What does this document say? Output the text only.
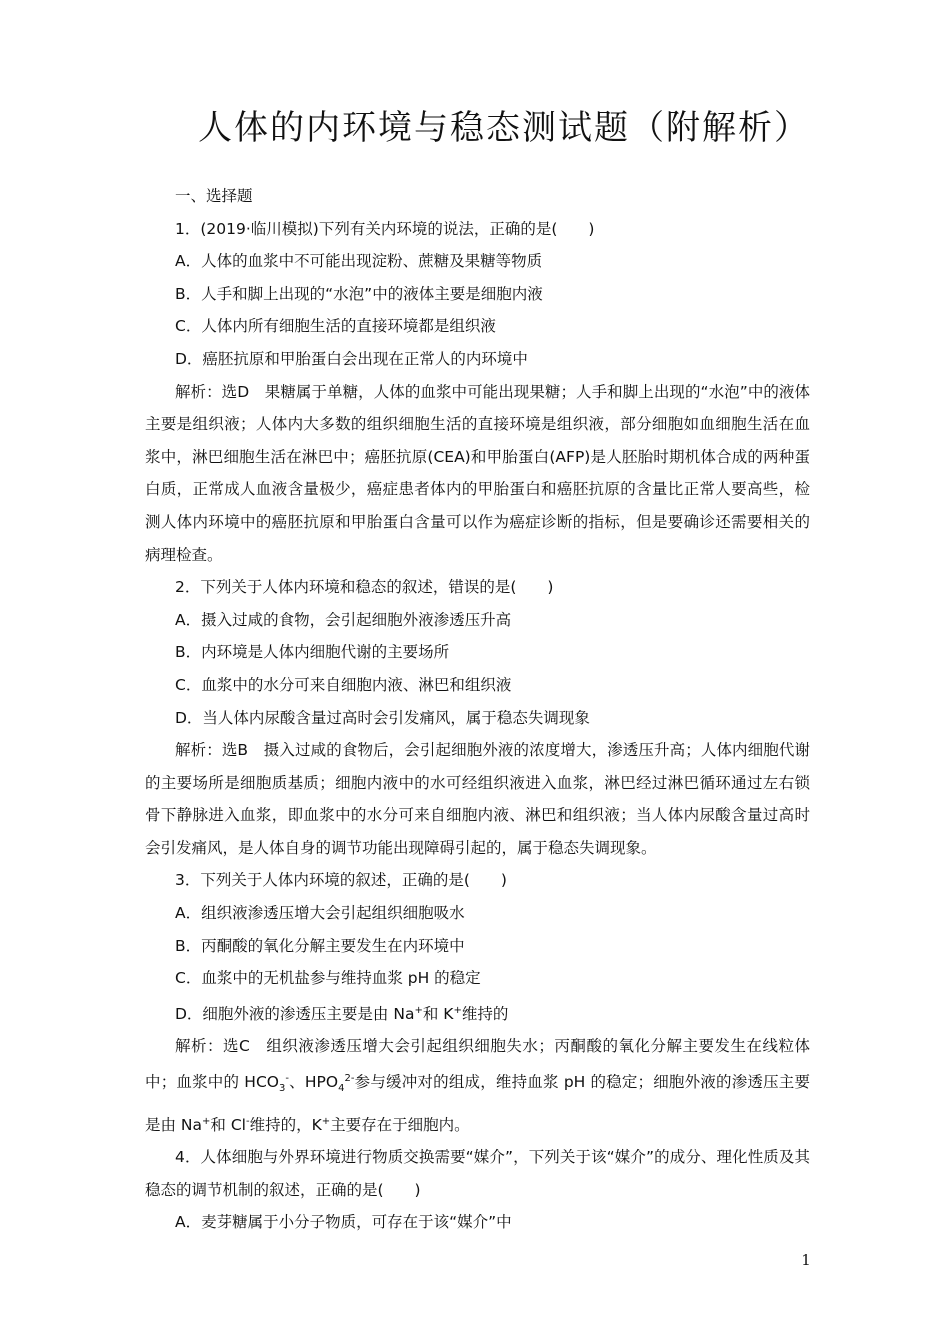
人体的内环境与稳态测试题（附解析）
一、选择题
1．(2019·临川模拟)下列有关内环境的说法，正确的是(　　)
A．人体的血浆中不可能出现淀粉、蔗糖及果糖等物质
B．人手和脚上出现的“水泡”中的液体主要是细胞内液
C．人体内所有细胞生活的直接环境都是组织液
D．癌胚抗原和甲胎蛋白会出现在正常人的内环境中
解析：选D　果糖属于单糖，人体的血浆中可能出现果糖；人手和脚上出现的“水泡”中的液体主要是组织液；人体内大多数的组织细胞生活的直接环境是组织液，部分细胞如血细胞生活在血浆中，淋巴细胞生活在淋巴中；癌胚抗原(CEA)和甲胎蛋白(AFP)是人胚胎时期机体合成的两种蛋白质，正常成人血液含量极少，癌症患者体内的甲胎蛋白和癌胚抗原的含量比正常人要高些，检测人体内环境中的癌胚抗原和甲胎蛋白含量可以作为癌症诊断的指标，但是要确诊还需要相关的病理检查。
2．下列关于人体内环境和稳态的叙述，错误的是(　　)
A．摄入过咸的食物，会引起细胞外液渗透压升高
B．内环境是人体内细胞代谢的主要场所
C．血浆中的水分可来自细胞内液、淋巴和组织液
D．当人体内尿酸含量过高时会引发痛风，属于稳态失调现象
解析：选B　摄入过咸的食物后，会引起细胞外液的浓度增大，渗透压升高；人体内细胞代谢的主要场所是细胞质基质；细胞内液中的水可经组织液进入血浆，淋巴经过淋巴循环通过左右锁骨下静脉进入血浆，即血浆中的水分可来自细胞内液、淋巴和组织液；当人体内尿酸含量过高时会引发痛风，是人体自身的调节功能出现障碍引起的，属于稳态失调现象。
3．下列关于人体内环境的叙述，正确的是(　　)
A．组织液渗透压增大会引起组织细胞吸水
B．丙酮酸的氧化分解主要发生在内环境中
C．血浆中的无机盐参与维持血浆 pH 的稳定
D．细胞外液的渗透压主要是由 Na+和 K+维持的
解析：选C　组织液渗透压增大会引起组织细胞失水；丙酮酸的氧化分解主要发生在线粒体中；血浆中的 $HCO_3^-$、$HPO_4^{2-}$参与缓冲对的组成，维持血浆 pH 的稳定；细胞外液的渗透压主要是由 Na+和 Cl-维持的，K+主要存在于细胞内。
4．人体细胞与外界环境进行物质交换需要“媒介”，下列关于该“媒介”的成分、理化性质及其稳态的调节机制的叙述，正确的是(　　)
A．麦芽糖属于小分子物质，可存在于该“媒介”中
1
